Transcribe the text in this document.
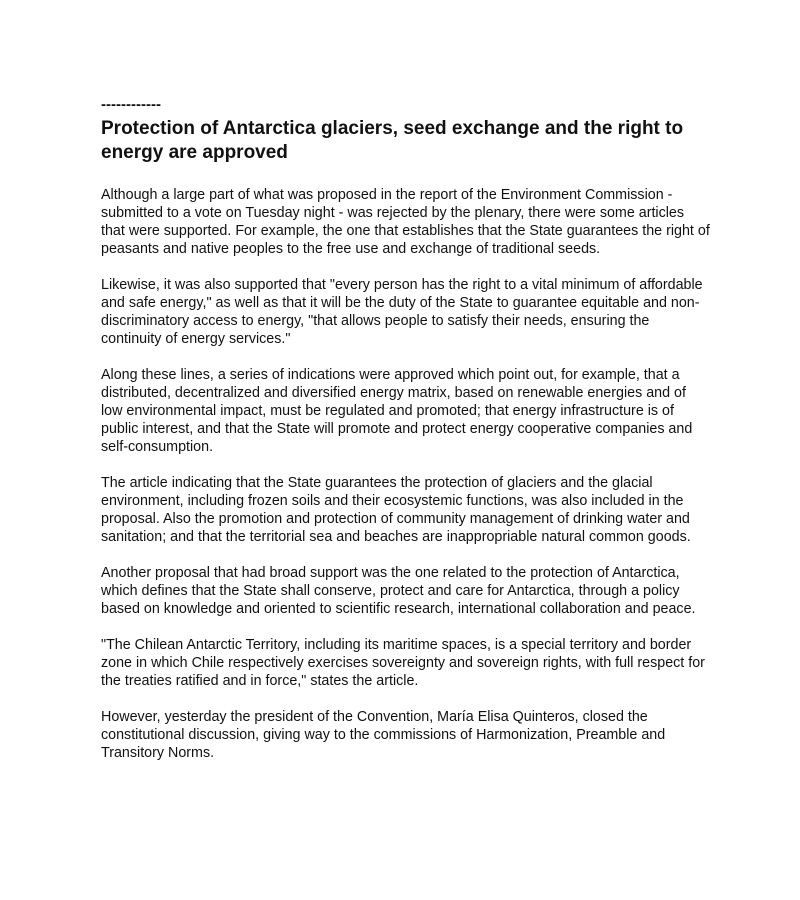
------------

Protection of Antarctica glaciers, seed exchange and the right to energy are approved

Although a large part of what was proposed in the report of the Environment Commission - submitted to a vote on Tuesday night - was rejected by the plenary, there were some articles that were supported. For example, the one that establishes that the State guarantees the right of peasants and native peoples to the free use and exchange of traditional seeds.

Likewise, it was also supported that "every person has the right to a vital minimum of affordable and safe energy," as well as that it will be the duty of the State to guarantee equitable and non-discriminatory access to energy, "that allows people to satisfy their needs, ensuring the continuity of energy services."

Along these lines, a series of indications were approved which point out, for example, that a distributed, decentralized and diversified energy matrix, based on renewable energies and of low environmental impact, must be regulated and promoted; that energy infrastructure is of public interest, and that the State will promote and protect energy cooperative companies and self-consumption.

The article indicating that the State guarantees the protection of glaciers and the glacial environment, including frozen soils and their ecosystemic functions, was also included in the proposal. Also the promotion and protection of community management of drinking water and sanitation; and that the territorial sea and beaches are inappropriable natural common goods.

Another proposal that had broad support was the one related to the protection of Antarctica, which defines that the State shall conserve, protect and care for Antarctica, through a policy based on knowledge and oriented to scientific research, international collaboration and peace.

"The Chilean Antarctic Territory, including its maritime spaces, is a special territory and border zone in which Chile respectively exercises sovereignty and sovereign rights, with full respect for the treaties ratified and in force," states the article.

However, yesterday the president of the Convention, María Elisa Quinteros, closed the constitutional discussion, giving way to the commissions of Harmonization, Preamble and Transitory Norms.
